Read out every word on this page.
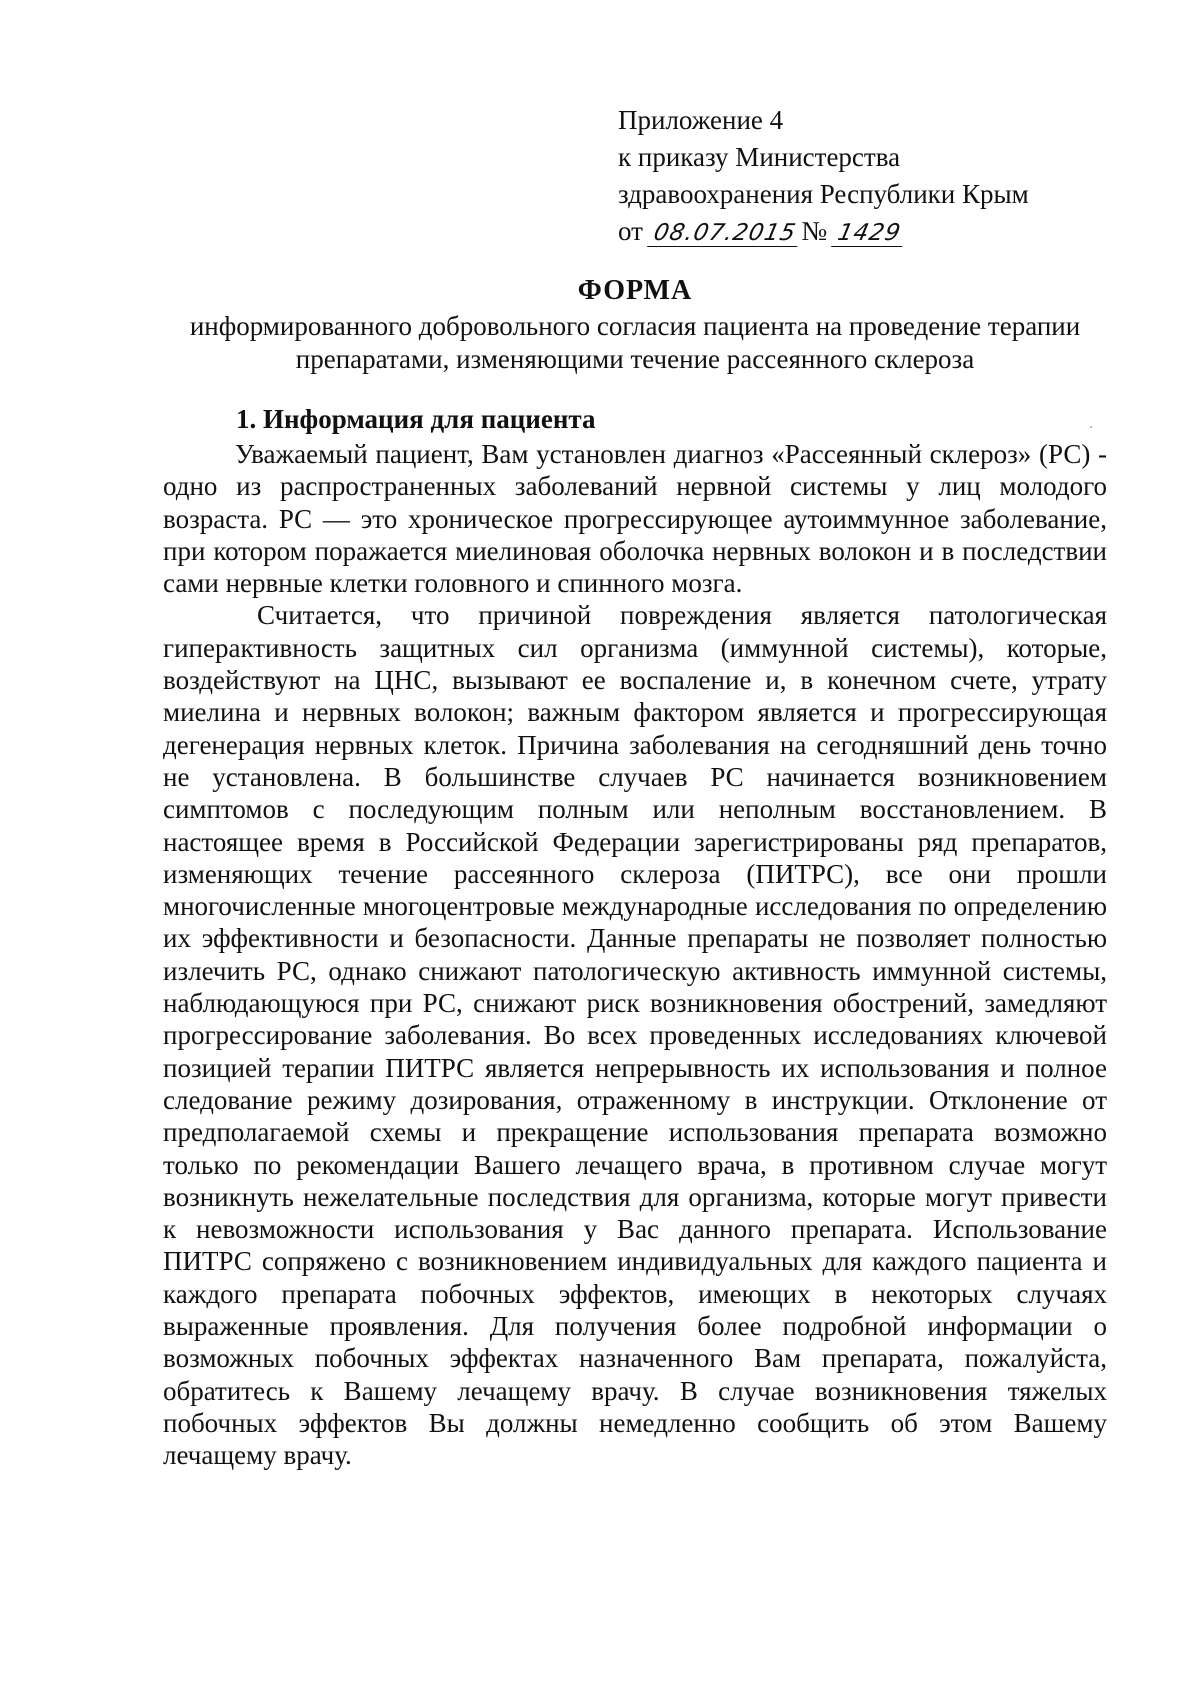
Приложение 4
к приказу Министерства
здравоохранения Республики Крым
от 08.07.2015 № 1429
ФОРМА
информированного добровольного согласия пациента на проведение терапии препаратами, изменяющими течение рассеянного склероза
1. Информация для пациента

Уважаемый пациент, Вам установлен диагноз «Рассеянный склероз» (РС) - одно из распространенных заболеваний нервной системы у лиц молодого возраста. РС — это хроническое прогрессирующее аутоиммунное заболевание, при котором поражается миелиновая оболочка нервных волокон и в последствии сами нервные клетки головного и спинного мозга.

Считается, что причиной повреждения является патологическая гиперактивность защитных сил организма (иммунной системы), которые, воздействуют на ЦНС, вызывают ее воспаление и, в конечном счете, утрату миелина и нервных волокон; важным фактором является и прогрессирующая дегенерация нервных клеток. Причина заболевания на сегодняшний день точно не установлена. В большинстве случаев РС начинается возникновением симптомов с последующим полным или неполным восстановлением. В настоящее время в Российской Федерации зарегистрированы ряд препаратов, изменяющих течение рассеянного склероза (ПИТРС), все они прошли многочисленные многоцентровые международные исследования по определению их эффективности и безопасности. Данные препараты не позволяет полностью излечить РС, однако снижают патологическую активность иммунной системы, наблюдающуюся при РС, снижают риск возникновения обострений, замедляют прогрессирование заболевания. Во всех проведенных исследованиях ключевой позицией терапии ПИТРС является непрерывность их использования и полное следование режиму дозирования, отраженному в инструкции. Отклонение от предполагаемой схемы и прекращение использования препарата возможно только по рекомендации Вашего лечащего врача, в противном случае могут возникнуть нежелательные последствия для организма, которые могут привести к невозможности использования у Вас данного препарата. Использование ПИТРС сопряжено с возникновением индивидуальных для каждого пациента и каждого препарата побочных эффектов, имеющих в некоторых случаях выраженные проявления. Для получения более подробной информации о возможных побочных эффектах назначенного Вам препарата, пожалуйста, обратитесь к Вашему лечащему врачу. В случае возникновения тяжелых побочных эффектов Вы должны немедленно сообщить об этом Вашему лечащему врачу.
